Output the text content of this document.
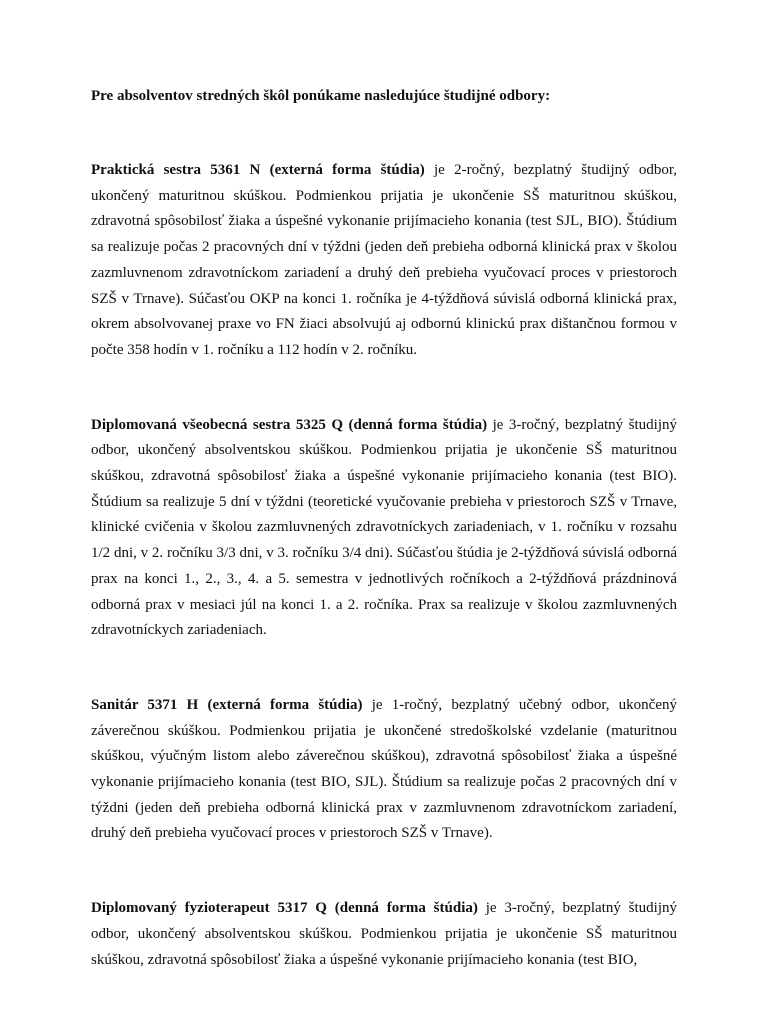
Pre absolventov stredných škôl ponúkame nasledujúce študijné odbory:

Praktická sestra 5361 N (externá forma štúdia) je 2-ročný, bezplatný študijný odbor, ukončený maturitnou skúškou. Podmienkou prijatia je ukončenie SŠ maturitnou skúškou, zdravotná spôsobilosť žiaka a úspešné vykonanie prijímacieho konania (test SJL, BIO). Štúdium sa realizuje počas 2 pracovných dní v týždni (jeden deň prebieha odborná klinická prax v školou zazmluvnenom zdravotníckom zariadení a druhý deň prebieha vyučovací proces v priestoroch SZŠ v Trnave). Súčasťou OKP na konci 1. ročníka je 4-týždňová súvislá odborná klinická prax, okrem absolvovanej praxe vo FN žiaci absolvujú aj odbornú klinickú prax dištančnou formou v počte 358 hodín v 1. ročníku a 112 hodín v 2. ročníku.

Diplomovaná všeobecná sestra 5325 Q (denná forma štúdia) je 3-ročný, bezplatný študijný odbor, ukončený absolventskou skúškou. Podmienkou prijatia je ukončenie SŠ maturitnou skúškou, zdravotná spôsobilosť žiaka a úspešné vykonanie prijímacieho konania (test BIO). Štúdium sa realizuje 5 dní v týždni (teoretické vyučovanie prebieha v priestoroch SZŠ v Trnave, klinické cvičenia v školou zazmluvnených zdravotníckych zariadeniach, v 1. ročníku v rozsahu 1/2 dni, v 2. ročníku 3/3 dni, v 3. ročníku 3/4 dni). Súčasťou štúdia je 2-týždňová súvislá odborná prax na konci 1., 2., 3., 4. a 5. semestra v jednotlivých ročníkoch a 2-týždňová prázdninová odborná prax v mesiaci júl na konci 1. a 2. ročníka. Prax sa realizuje v školou zazmluvnených zdravotníckych zariadeniach.

Sanitár 5371 H (externá forma štúdia) je 1-ročný, bezplatný učebný odbor, ukončený záverečnou skúškou. Podmienkou prijatia je ukončené stredoškolské vzdelanie (maturitnou skúškou, výučným listom alebo záverečnou skúškou), zdravotná spôsobilosť žiaka a úspešné vykonanie prijímacieho konania (test BIO, SJL). Štúdium sa realizuje počas 2 pracovných dní v týždni (jeden deň prebieha odborná klinická prax v zazmluvnenom zdravotníckom zariadení, druhý deň prebieha vyučovací proces v priestoroch SZŠ v Trnave).

Diplomovaný fyzioterapeut 5317 Q (denná forma štúdia) je 3-ročný, bezplatný študijný odbor, ukončený absolventskou skúškou. Podmienkou prijatia je ukončenie SŠ maturitnou skúškou, zdravotná spôsobilosť žiaka a úspešné vykonanie prijímacieho konania (test BIO,
